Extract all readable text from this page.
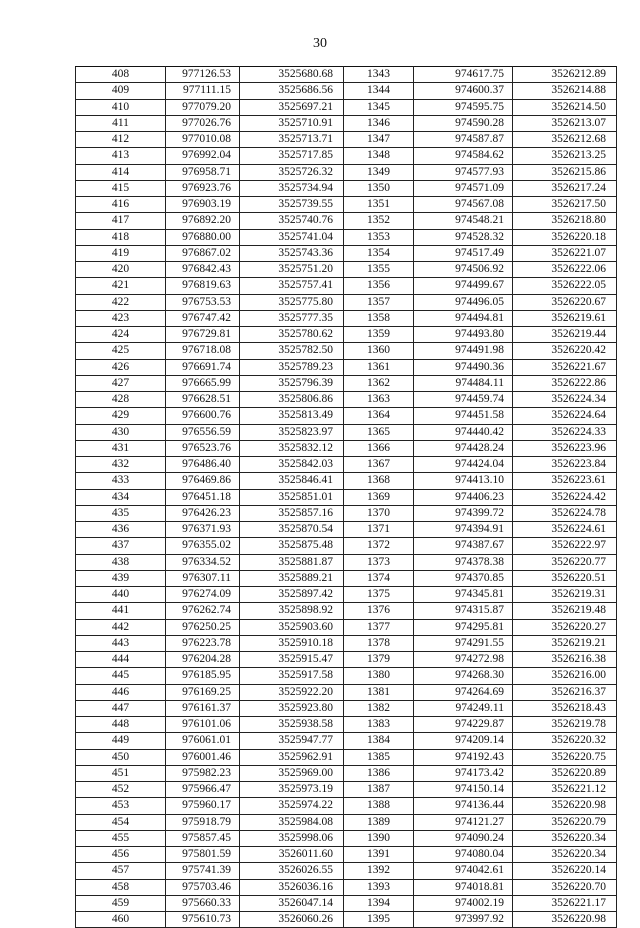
30
408	977126.53	3525680.68	1343	974617.75	3526212.89
409	977111.15	3525686.56	1344	974600.37	3526214.88
410	977079.20	3525697.21	1345	974595.75	3526214.50
411	977026.76	3525710.91	1346	974590.28	3526213.07
412	977010.08	3525713.71	1347	974587.87	3526212.68
413	976992.04	3525717.85	1348	974584.62	3526213.25
414	976958.71	3525726.32	1349	974577.93	3526215.86
415	976923.76	3525734.94	1350	974571.09	3526217.24
416	976903.19	3525739.55	1351	974567.08	3526217.50
417	976892.20	3525740.76	1352	974548.21	3526218.80
418	976880.00	3525741.04	1353	974528.32	3526220.18
419	976867.02	3525743.36	1354	974517.49	3526221.07
420	976842.43	3525751.20	1355	974506.92	3526222.06
421	976819.63	3525757.41	1356	974499.67	3526222.05
422	976753.53	3525775.80	1357	974496.05	3526220.67
423	976747.42	3525777.35	1358	974494.81	3526219.61
424	976729.81	3525780.62	1359	974493.80	3526219.44
425	976718.08	3525782.50	1360	974491.98	3526220.42
426	976691.74	3525789.23	1361	974490.36	3526221.67
427	976665.99	3525796.39	1362	974484.11	3526222.86
428	976628.51	3525806.86	1363	974459.74	3526224.34
429	976600.76	3525813.49	1364	974451.58	3526224.64
430	976556.59	3525823.97	1365	974440.42	3526224.33
431	976523.76	3525832.12	1366	974428.24	3526223.96
432	976486.40	3525842.03	1367	974424.04	3526223.84
433	976469.86	3525846.41	1368	974413.10	3526223.61
434	976451.18	3525851.01	1369	974406.23	3526224.42
435	976426.23	3525857.16	1370	974399.72	3526224.78
436	976371.93	3525870.54	1371	974394.91	3526224.61
437	976355.02	3525875.48	1372	974387.67	3526222.97
438	976334.52	3525881.87	1373	974378.38	3526220.77
439	976307.11	3525889.21	1374	974370.85	3526220.51
440	976274.09	3525897.42	1375	974345.81	3526219.31
441	976262.74	3525898.92	1376	974315.87	3526219.48
442	976250.25	3525903.60	1377	974295.81	3526220.27
443	976223.78	3525910.18	1378	974291.55	3526219.21
444	976204.28	3525915.47	1379	974272.98	3526216.38
445	976185.95	3525917.58	1380	974268.30	3526216.00
446	976169.25	3525922.20	1381	974264.69	3526216.37
447	976161.37	3525923.80	1382	974249.11	3526218.43
448	976101.06	3525938.58	1383	974229.87	3526219.78
449	976061.01	3525947.77	1384	974209.14	3526220.32
450	976001.46	3525962.91	1385	974192.43	3526220.75
451	975982.23	3525969.00	1386	974173.42	3526220.89
452	975966.47	3525973.19	1387	974150.14	3526221.12
453	975960.17	3525974.22	1388	974136.44	3526220.98
454	975918.79	3525984.08	1389	974121.27	3526220.79
455	975857.45	3525998.06	1390	974090.24	3526220.34
456	975801.59	3526011.60	1391	974080.04	3526220.34
457	975741.39	3526026.55	1392	974042.61	3526220.14
458	975703.46	3526036.16	1393	974018.81	3526220.70
459	975660.33	3526047.14	1394	974002.19	3526221.17
460	975610.73	3526060.26	1395	973997.92	3526220.98
